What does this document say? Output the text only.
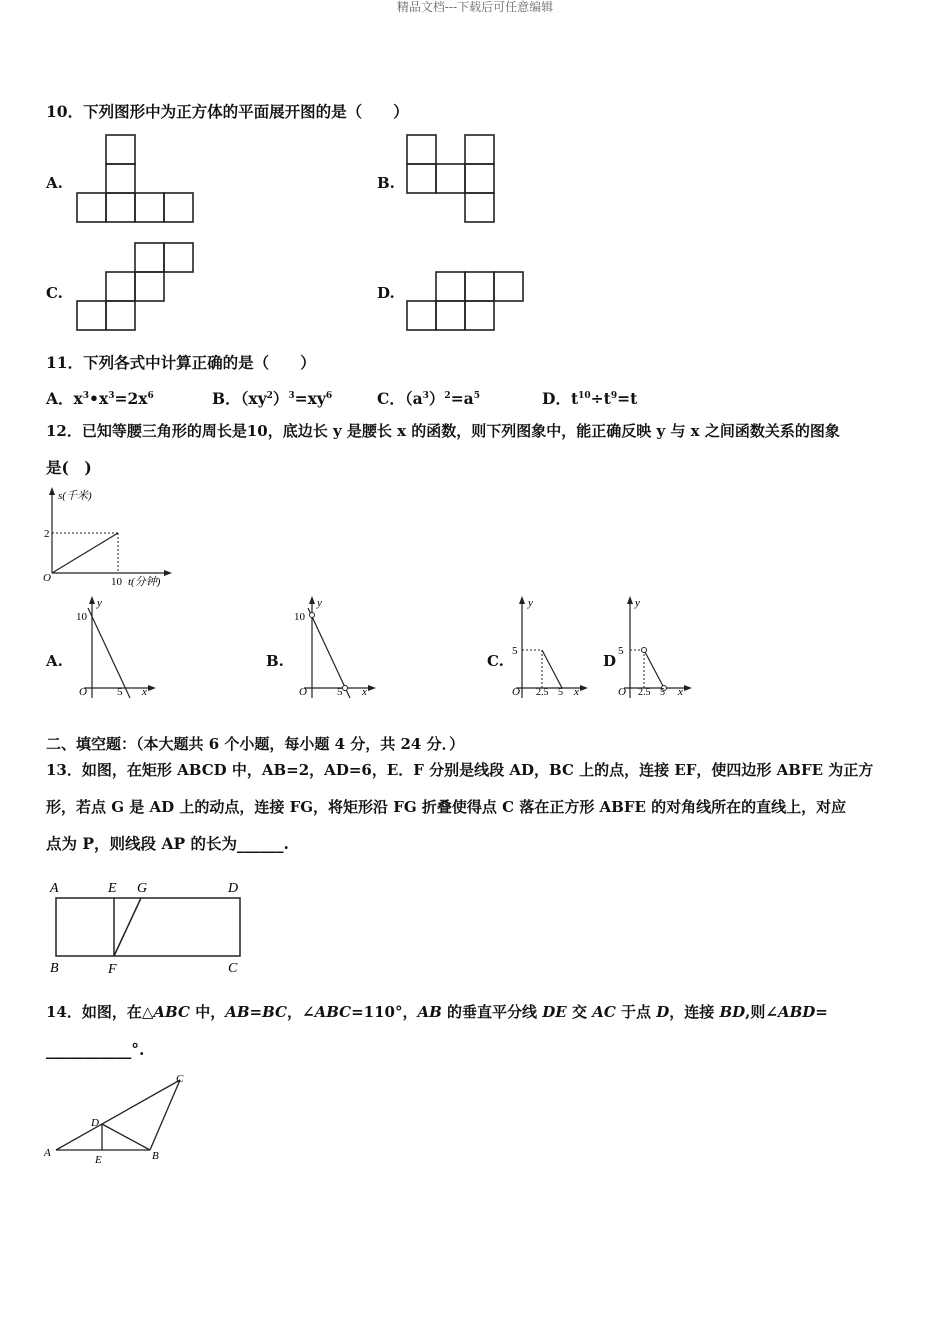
精品文档---下载后可任意编辑
10．下列图形中为正方体的平面展开图的是（　　）
A.	B.
C.	D.
11．下列各式中计算正确的是（　　）
A．$x^3•x^3=2x^6$	B．$(xy^2)^3=xy^6$	C．$(a^3)^2=a^5$	D．$t^{10}\div t^9=t$
12．已知等腰三角形的周长是10，底边长 y 是腰长 x 的函数，则下列图象中，能正确反映 y 与 x 之间函数关系的图象
是(　)
s(千米)
2
O	10 t(分钟)
A.
y
10
O	5 x
B.
y
10
O	5 x
C.
y
5
O 2.5 5 x
D
y
5
O 2.5 5 x
二、填空题：（本大题共 6 个小题，每小题 4 分，共 24 分．）
13．如图，在矩形 ABCD 中，AB=2，AD=6，E．F 分别是线段 AD，BC 上的点，连接 EF，使四边形 ABFE 为正方
形，若点 G 是 AD 上的动点，连接 FG，将矩形沿 FG 折叠使得点 C 落在正方形 ABFE 的对角线所在的直线上，对应
点为 P，则线段 AP 的长为______.
A	E G	D
B	F	C
14．如图，在△ABC 中，AB=BC，∠ABC=110°，AB 的垂直平分线 DE 交 AC 于点 D，连接 BD,则∠ABD=
___________°.
A	B
C
D
E
